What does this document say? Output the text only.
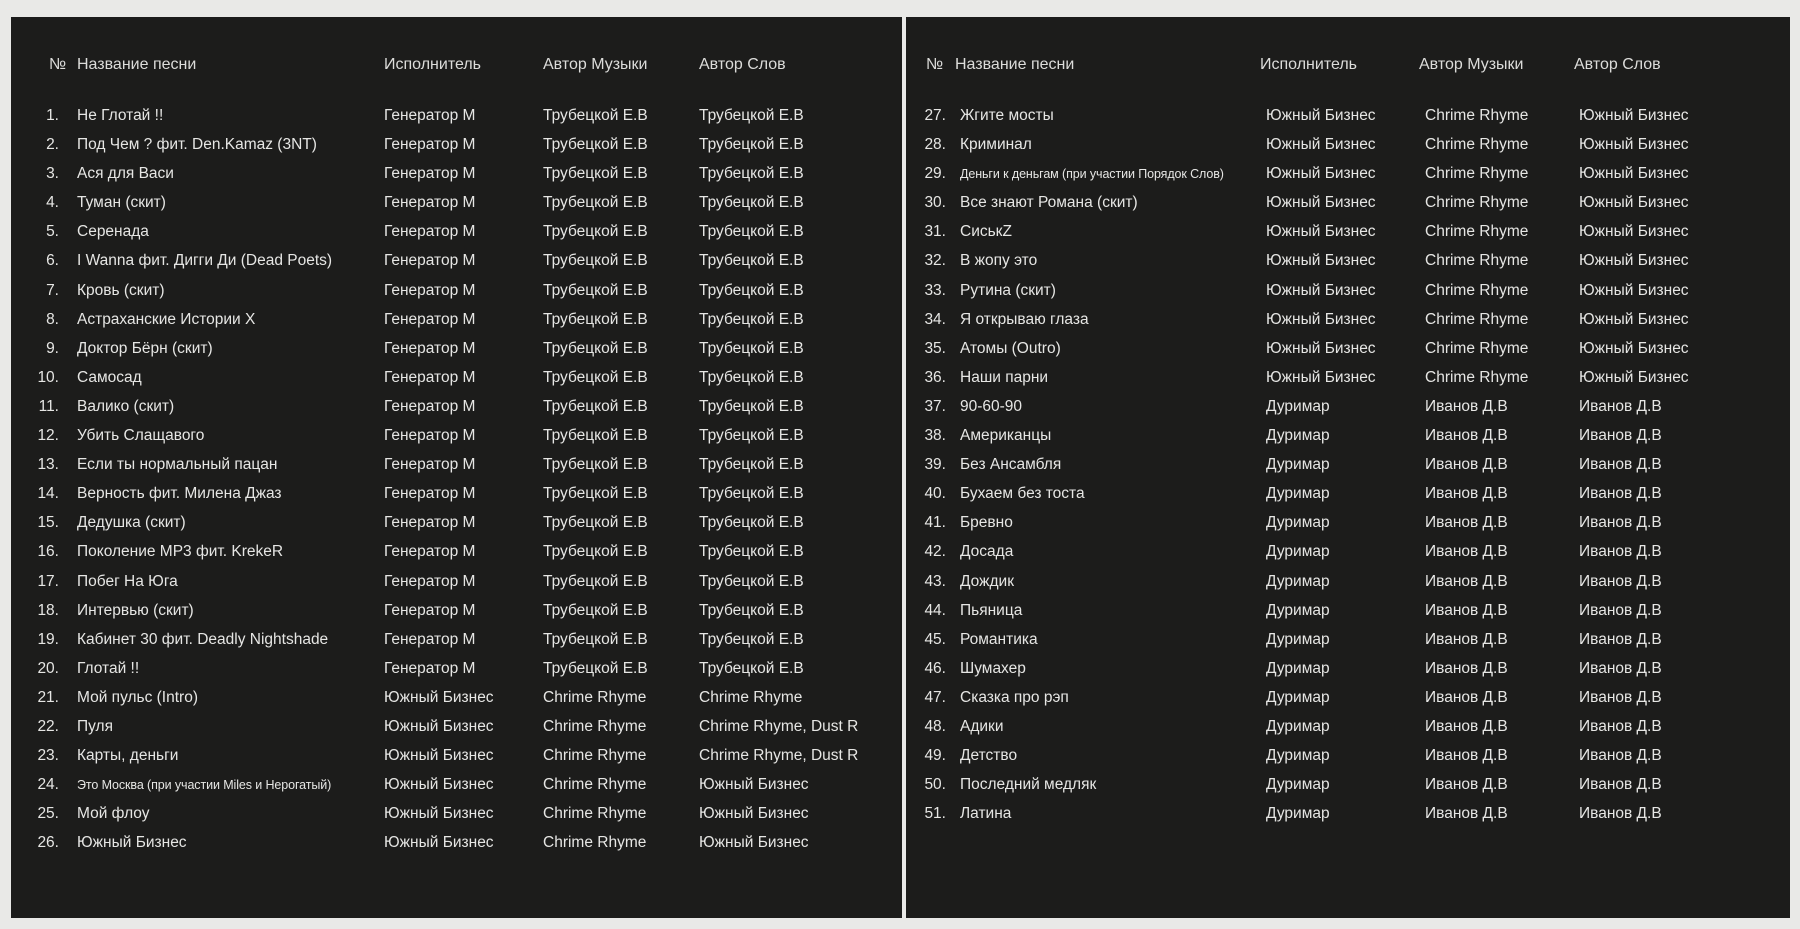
№ Название песни	Исполнитель	Автор Музыки	Автор Слов
1. Не Глотай !!	Генератор М	Трубецкой Е.В	Трубецкой Е.В
2. Под Чем ? фит. Den.Kamaz (3NT)	Генератор М	Трубецкой Е.В	Трубецкой Е.В
3. Ася для Васи	Генератор М	Трубецкой Е.В	Трубецкой Е.В
4. Туман (скит)	Генератор М	Трубецкой Е.В	Трубецкой Е.В
5. Серенада	Генератор М	Трубецкой Е.В	Трубецкой Е.В
6. I Wanna фит. Дигги Ди (Dead Poets)	Генератор М	Трубецкой Е.В	Трубецкой Е.В
7. Кровь (скит)	Генератор М	Трубецкой Е.В	Трубецкой Е.В
8. Астраханские Истории Х	Генератор М	Трубецкой Е.В	Трубецкой Е.В
9. Доктор Бёрн (скит)	Генератор М	Трубецкой Е.В	Трубецкой Е.В
10. Самосад	Генератор М	Трубецкой Е.В	Трубецкой Е.В
11. Валико (скит)	Генератор М	Трубецкой Е.В	Трубецкой Е.В
12. Убить Слащавого	Генератор М	Трубецкой Е.В	Трубецкой Е.В
13. Если ты нормальный пацан	Генератор М	Трубецкой Е.В	Трубецкой Е.В
14. Верность фит. Милена Джаз	Генератор М	Трубецкой Е.В	Трубецкой Е.В
15. Дедушка (скит)	Генератор М	Трубецкой Е.В	Трубецкой Е.В
16. Поколение МР3 фит. KrekeR	Генератор М	Трубецкой Е.В	Трубецкой Е.В
17. Побег На Юга	Генератор М	Трубецкой Е.В	Трубецкой Е.В
18. Интервью (скит)	Генератор М	Трубецкой Е.В	Трубецкой Е.В
19. Кабинет 30 фит. Deadly Nightshade	Генератор М	Трубецкой Е.В	Трубецкой Е.В
20. Глотай !!	Генератор М	Трубецкой Е.В	Трубецкой Е.В
21. Мой пульс (Intro)	Южный Бизнес	Chrime Rhyme	Chrime Rhyme
22. Пуля	Южный Бизнес	Chrime Rhyme	Chrime Rhyme, Dust R
23. Карты, деньги	Южный Бизнес	Chrime Rhyme	Chrime Rhyme, Dust R
24. Это Москва (при участии Miles и Нерогатый)	Южный Бизнес	Chrime Rhyme	Южный Бизнес
25. Мой флоу	Южный Бизнес	Chrime Rhyme	Южный Бизнес
26. Южный Бизнес	Южный Бизнес	Chrime Rhyme	Южный Бизнес
№ Название песни	Исполнитель	Автор Музыки	Автор Слов
27. Жгите мосты	Южный Бизнес	Chrime Rhyme	Южный Бизнес
28. Криминал	Южный Бизнес	Chrime Rhyme	Южный Бизнес
29. Деньги к деньгам (при участии Порядок Слов)	Южный Бизнес	Chrime Rhyme	Южный Бизнес
30. Все знают Романа (скит)	Южный Бизнес	Chrime Rhyme	Южный Бизнес
31. СиськZ	Южный Бизнес	Chrime Rhyme	Южный Бизнес
32. В жопу это	Южный Бизнес	Chrime Rhyme	Южный Бизнес
33. Рутина (скит)	Южный Бизнес	Chrime Rhyme	Южный Бизнес
34. Я открываю глаза	Южный Бизнес	Chrime Rhyme	Южный Бизнес
35. Атомы (Outro)	Южный Бизнес	Chrime Rhyme	Южный Бизнес
36. Наши парни	Южный Бизнес	Chrime Rhyme	Южный Бизнес
37. 90-60-90	Дуримар	Иванов Д.В	Иванов Д.В
38. Американцы	Дуримар	Иванов Д.В	Иванов Д.В
39. Без Ансамбля	Дуримар	Иванов Д.В	Иванов Д.В
40. Бухаем без тоста	Дуримар	Иванов Д.В	Иванов Д.В
41. Бревно	Дуримар	Иванов Д.В	Иванов Д.В
42. Досада	Дуримар	Иванов Д.В	Иванов Д.В
43. Дождик	Дуримар	Иванов Д.В	Иванов Д.В
44. Пьяница	Дуримар	Иванов Д.В	Иванов Д.В
45. Романтика	Дуримар	Иванов Д.В	Иванов Д.В
46. Шумахер	Дуримар	Иванов Д.В	Иванов Д.В
47. Сказка про рэп	Дуримар	Иванов Д.В	Иванов Д.В
48. Адики	Дуримар	Иванов Д.В	Иванов Д.В
49. Детство	Дуримар	Иванов Д.В	Иванов Д.В
50. Последний медляк	Дуримар	Иванов Д.В	Иванов Д.В
51. Латина	Дуримар	Иванов Д.В	Иванов Д.В
